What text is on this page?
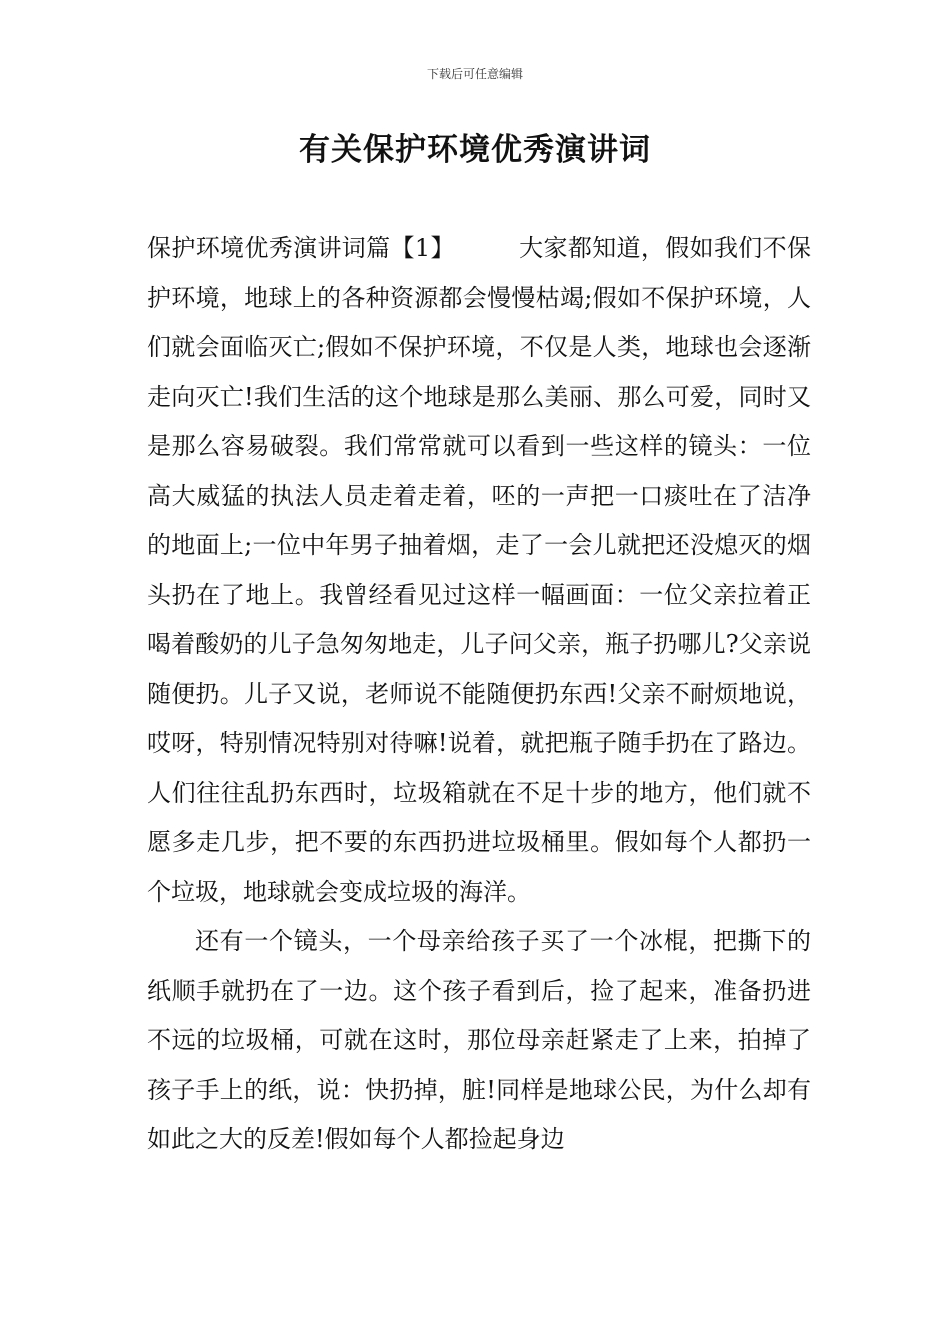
下载后可任意编辑
有关保护环境优秀演讲词

保护环境优秀演讲词篇【1】	大家都知道，假如我们不保护环境，地球上的各种资源都会慢慢枯竭;假如不保护环境，人们就会面临灭亡;假如不保护环境，不仅是人类，地球也会逐渐走向灭亡!我们生活的这个地球是那么美丽、那么可爱，同时又是那么容易破裂。我们常常就可以看到一些这样的镜头：一位高大威猛的执法人员走着走着，呸的一声把一口痰吐在了洁净的地面上;一位中年男子抽着烟，走了一会儿就把还没熄灭的烟头扔在了地上。我曾经看见过这样一幅画面：一位父亲拉着正喝着酸奶的儿子急匆匆地走，儿子问父亲，瓶子扔哪儿?父亲说随便扔。儿子又说，老师说不能随便扔东西!父亲不耐烦地说，哎呀，特别情况特别对待嘛!说着，就把瓶子随手扔在了路边。人们往往乱扔东西时，垃圾箱就在不足十步的地方，他们就不愿多走几步，把不要的东西扔进垃圾桶里。假如每个人都扔一个垃圾，地球就会变成垃圾的海洋。

还有一个镜头，一个母亲给孩子买了一个冰棍，把撕下的纸顺手就扔在了一边。这个孩子看到后，捡了起来，准备扔进不远的垃圾桶，可就在这时，那位母亲赶紧走了上来，拍掉了孩子手上的纸，说：快扔掉，脏!同样是地球公民，为什么却有如此之大的反差!假如每个人都捡起身边
